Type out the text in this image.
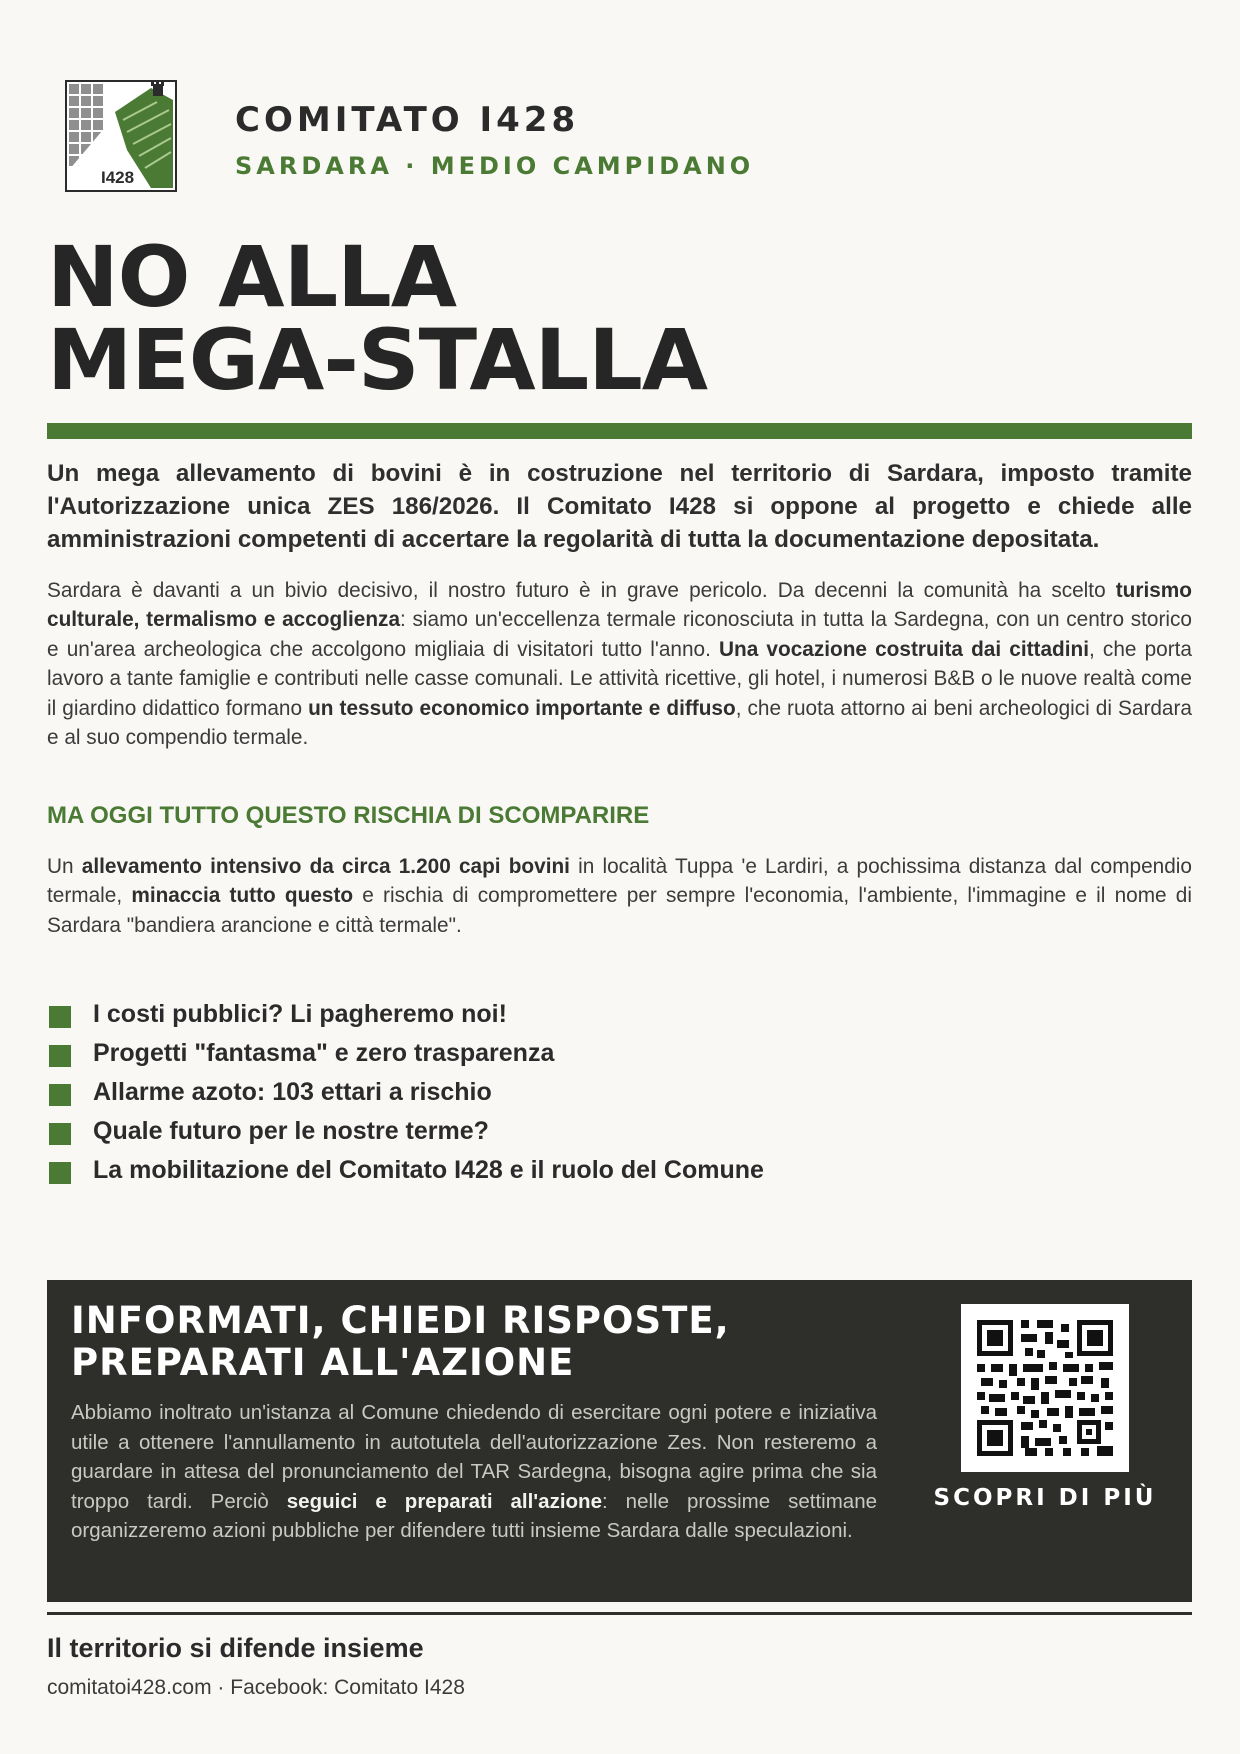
I428
COMITATO I428
SARDARA · MEDIO CAMPIDANO
NO ALLA
MEGA-STALLA

Un mega allevamento di bovini è in costruzione nel territorio di Sardara, imposto tramite l'Autorizzazione unica ZES 186/2026. Il Comitato I428 si oppone al progetto e chiede alle amministrazioni competenti di accertare la regolarità di tutta la documentazione depositata.

Sardara è davanti a un bivio decisivo, il nostro futuro è in grave pericolo. Da decenni la comunità ha scelto turismo culturale, termalismo e accoglienza: siamo un'eccellenza termale riconosciuta in tutta la Sardegna, con un centro storico e un'area archeologica che accolgono migliaia di visitatori tutto l'anno. Una vocazione costruita dai cittadini, che porta lavoro a tante famiglie e contributi nelle casse comunali. Le attività ricettive, gli hotel, i numerosi B&B o le nuove realtà come il giardino didattico formano un tessuto economico importante e diffuso, che ruota attorno ai beni archeologici di Sardara e al suo compendio termale.

MA OGGI TUTTO QUESTO RISCHIA DI SCOMPARIRE

Un allevamento intensivo da circa 1.200 capi bovini in località Tuppa 'e Lardiri, a pochissima distanza dal compendio termale, minaccia tutto questo e rischia di compromettere per sempre l'economia, l'ambiente, l'immagine e il nome di Sardara "bandiera arancione e città termale".

I costi pubblici? Li pagheremo noi!
Progetti "fantasma" e zero trasparenza
Allarme azoto: 103 ettari a rischio
Quale futuro per le nostre terme?
La mobilitazione del Comitato I428 e il ruolo del Comune
INFORMATI, CHIEDI RISPOSTE,
PREPARATI ALL'AZIONE

Abbiamo inoltrato un'istanza al Comune chiedendo di esercitare ogni potere e iniziativa utile a ottenere l'annullamento in autotutela dell'autorizzazione Zes. Non resteremo a guardare in attesa del pronunciamento del TAR Sardegna, bisogna agire prima che sia troppo tardi. Perciò seguici e preparati all'azione: nelle prossime settimane organizzeremo azioni pubbliche per difendere tutti insieme Sardara dalle speculazioni.

SCOPRI DI PIÙ
Il territorio si difende insieme

comitatoi428.com · Facebook: Comitato I428
